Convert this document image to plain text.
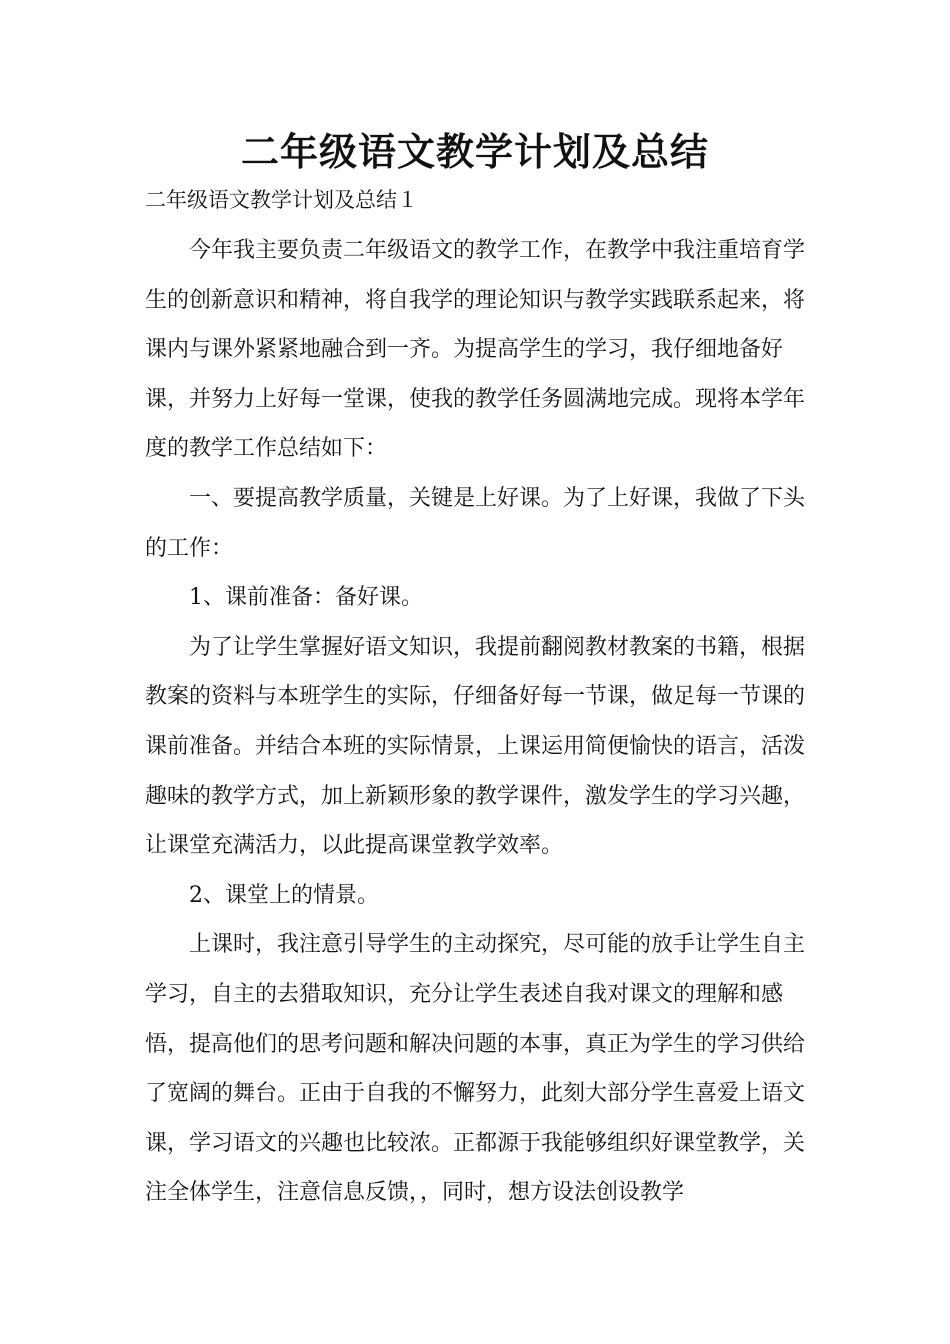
二年级语文教学计划及总结

二年级语文教学计划及总结１

今年我主要负责二年级语文的教学工作，在教学中我注重培育学生的创新意识和精神，将自我学的理论知识与教学实践联系起来，将课内与课外紧紧地融合到一齐。为提高学生的学习，我仔细地备好课，并努力上好每一堂课，使我的教学任务圆满地完成。现将本学年度的教学工作总结如下：

一、要提高教学质量，关键是上好课。为了上好课，我做了下头的工作：

1、课前准备：备好课。

为了让学生掌握好语文知识，我提前翻阅教材教案的书籍，根据教案的资料与本班学生的实际，仔细备好每一节课，做足每一节课的课前准备。并结合本班的实际情景，上课运用简便愉快的语言，活泼趣味的教学方式，加上新颖形象的教学课件，激发学生的学习兴趣，让课堂充满活力，以此提高课堂教学效率。

2、课堂上的情景。

上课时，我注意引导学生的主动探究，尽可能的放手让学生自主学习，自主的去猎取知识，充分让学生表述自我对课文的理解和感悟，提高他们的思考问题和解决问题的本事，真正为学生的学习供给了宽阔的舞台。正由于自我的不懈努力，此刻大部分学生喜爱上语文课，学习语文的兴趣也比较浓。正都源于我能够组织好课堂教学，关注全体学生，注意信息反馈，，同时，想方设法创设教学
